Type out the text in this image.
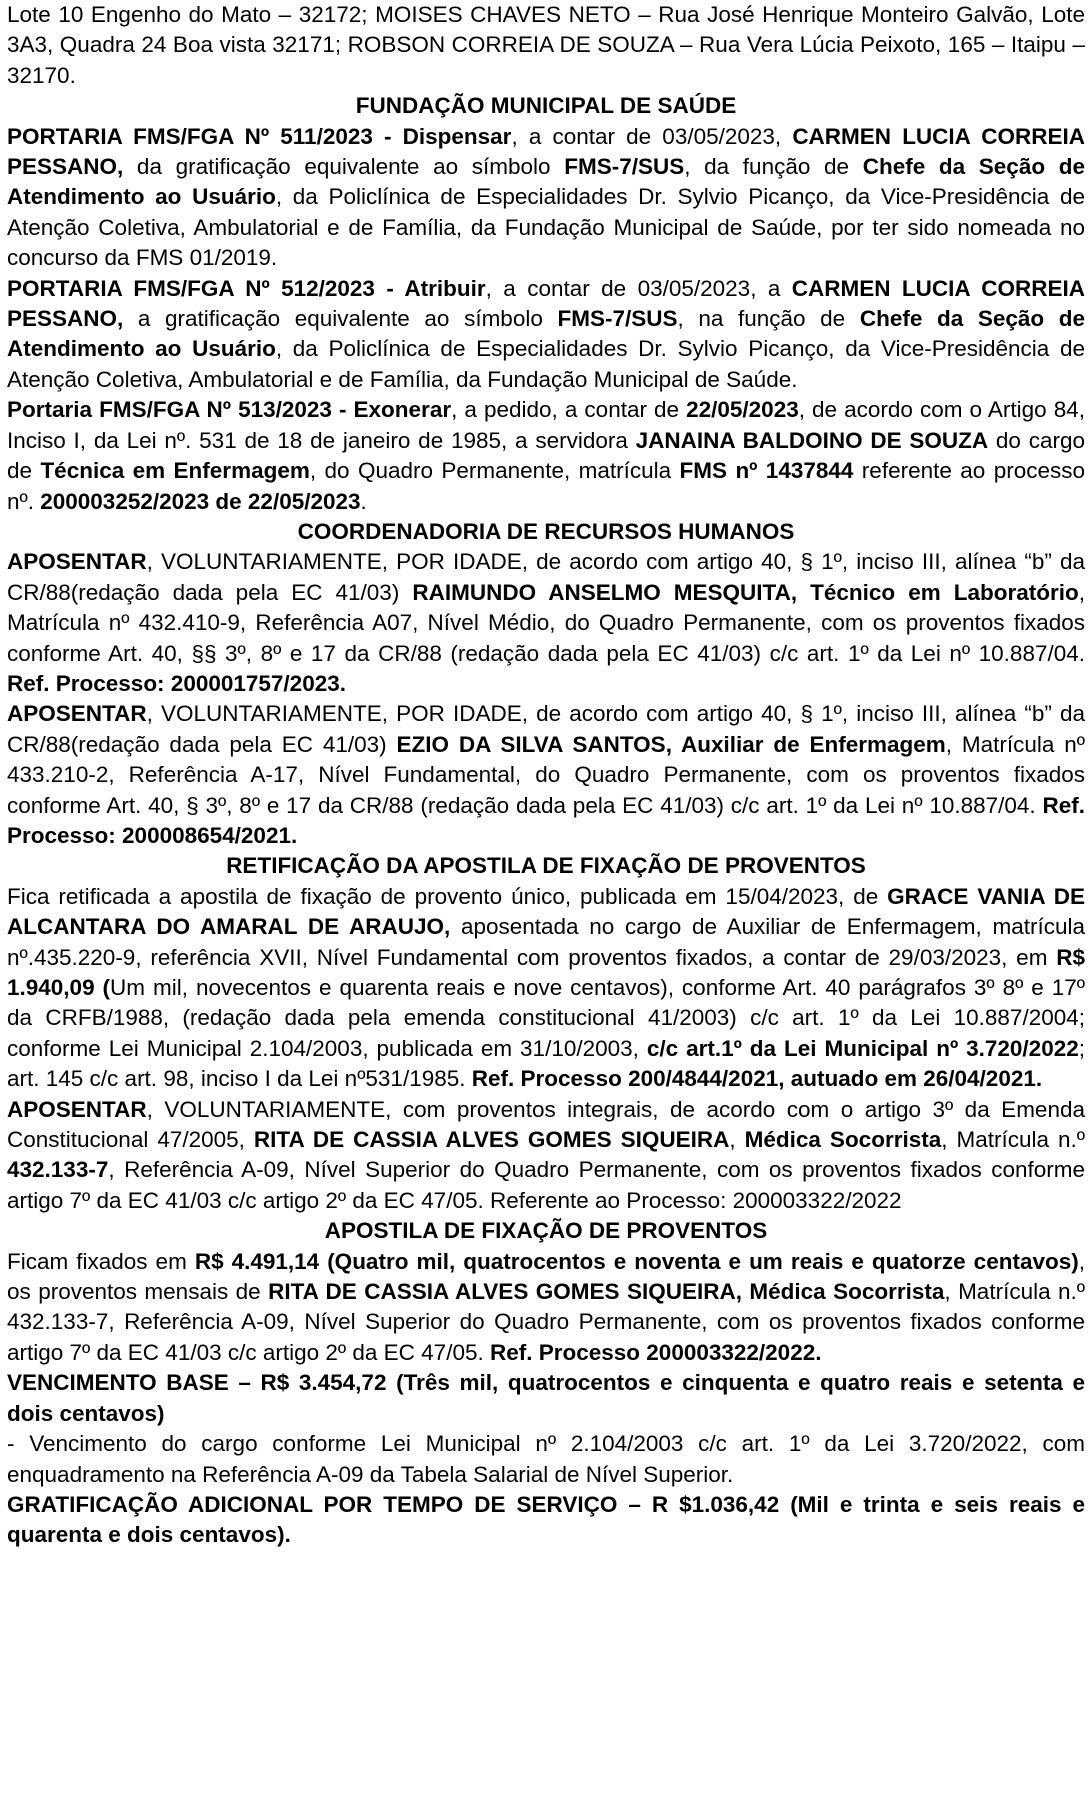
Lote 10 Engenho do Mato – 32172; MOISES CHAVES NETO – Rua José Henrique Monteiro Galvão, Lote 3A3, Quadra 24 Boa vista 32171; ROBSON CORREIA DE SOUZA – Rua Vera Lúcia Peixoto, 165 – Itaipu – 32170.

FUNDAÇÃO MUNICIPAL DE SAÚDE

PORTARIA FMS/FGA Nº 511/2023 - Dispensar, a contar de 03/05/2023, CARMEN LUCIA CORREIA PESSANO, da gratificação equivalente ao símbolo FMS-7/SUS, da função de Chefe da Seção de Atendimento ao Usuário, da Policlínica de Especialidades Dr. Sylvio Picanço, da Vice-Presidência de Atenção Coletiva, Ambulatorial e de Família, da Fundação Municipal de Saúde, por ter sido nomeada no concurso da FMS 01/2019.

PORTARIA FMS/FGA Nº 512/2023 - Atribuir, a contar de 03/05/2023, a CARMEN LUCIA CORREIA PESSANO, a gratificação equivalente ao símbolo FMS-7/SUS, na função de Chefe da Seção de Atendimento ao Usuário, da Policlínica de Especialidades Dr. Sylvio Picanço, da Vice-Presidência de Atenção Coletiva, Ambulatorial e de Família, da Fundação Municipal de Saúde.

Portaria FMS/FGA Nº 513/2023 - Exonerar, a pedido, a contar de 22/05/2023, de acordo com o Artigo 84, Inciso I, da Lei nº. 531 de 18 de janeiro de 1985, a servidora JANAINA BALDOINO DE SOUZA do cargo de Técnica em Enfermagem, do Quadro Permanente, matrícula FMS nº 1437844 referente ao processo nº. 200003252/2023 de 22/05/2023.

COORDENADORIA DE RECURSOS HUMANOS

APOSENTAR, VOLUNTARIAMENTE, POR IDADE, de acordo com artigo 40, § 1º, inciso III, alínea “b” da CR/88(redação dada pela EC 41/03) RAIMUNDO ANSELMO MESQUITA, Técnico em Laboratório, Matrícula nº 432.410-9, Referência A07, Nível Médio, do Quadro Permanente, com os proventos fixados conforme Art. 40, §§ 3º, 8º e 17 da CR/88 (redação dada pela EC 41/03) c/c art. 1º da Lei nº 10.887/04. Ref. Processo: 200001757/2023.

APOSENTAR, VOLUNTARIAMENTE, POR IDADE, de acordo com artigo 40, § 1º, inciso III, alínea “b” da CR/88(redação dada pela EC 41/03) EZIO DA SILVA SANTOS, Auxiliar de Enfermagem, Matrícula nº 433.210-2, Referência A-17, Nível Fundamental, do Quadro Permanente, com os proventos fixados conforme Art. 40, § 3º, 8º e 17 da CR/88 (redação dada pela EC 41/03) c/c art. 1º da Lei nº 10.887/04. Ref. Processo: 200008654/2021.

RETIFICAÇÃO DA APOSTILA DE FIXAÇÃO DE PROVENTOS

Fica retificada a apostila de fixação de provento único, publicada em 15/04/2023, de GRACE VANIA DE ALCANTARA DO AMARAL DE ARAUJO, aposentada no cargo de Auxiliar de Enfermagem, matrícula nº.435.220-9, referência XVII, Nível Fundamental com proventos fixados, a contar de 29/03/2023, em R$ 1.940,09 (Um mil, novecentos e quarenta reais e nove centavos), conforme Art. 40 parágrafos 3º 8º e 17º da CRFB/1988, (redação dada pela emenda constitucional 41/2003) c/c art. 1º da Lei 10.887/2004; conforme Lei Municipal 2.104/2003, publicada em 31/10/2003, c/c art.1º da Lei Municipal nº 3.720/2022; art. 145 c/c art. 98, inciso I da Lei nº531/1985. Ref. Processo 200/4844/2021, autuado em 26/04/2021.

APOSENTAR, VOLUNTARIAMENTE, com proventos integrais, de acordo com o artigo 3º da Emenda Constitucional 47/2005, RITA DE CASSIA ALVES GOMES SIQUEIRA, Médica Socorrista, Matrícula n.º 432.133-7, Referência A-09, Nível Superior do Quadro Permanente, com os proventos fixados conforme artigo 7º da EC 41/03 c/c artigo 2º da EC 47/05. Referente ao Processo: 200003322/2022

APOSTILA DE FIXAÇÃO DE PROVENTOS

Ficam fixados em R$ 4.491,14 (Quatro mil, quatrocentos e noventa e um reais e quatorze centavos), os proventos mensais de RITA DE CASSIA ALVES GOMES SIQUEIRA, Médica Socorrista, Matrícula n.º 432.133-7, Referência A-09, Nível Superior do Quadro Permanente, com os proventos fixados conforme artigo 7º da EC 41/03 c/c artigo 2º da EC 47/05. Ref. Processo 200003322/2022.

VENCIMENTO BASE – R$ 3.454,72 (Três mil, quatrocentos e cinquenta e quatro reais e setenta e dois centavos)

- Vencimento do cargo conforme Lei Municipal nº 2.104/2003 c/c art. 1º da Lei 3.720/2022, com enquadramento na Referência A-09 da Tabela Salarial de Nível Superior.

GRATIFICAÇÃO ADICIONAL POR TEMPO DE SERVIÇO – R $1.036,42 (Mil e trinta e seis reais e quarenta e dois centavos).
